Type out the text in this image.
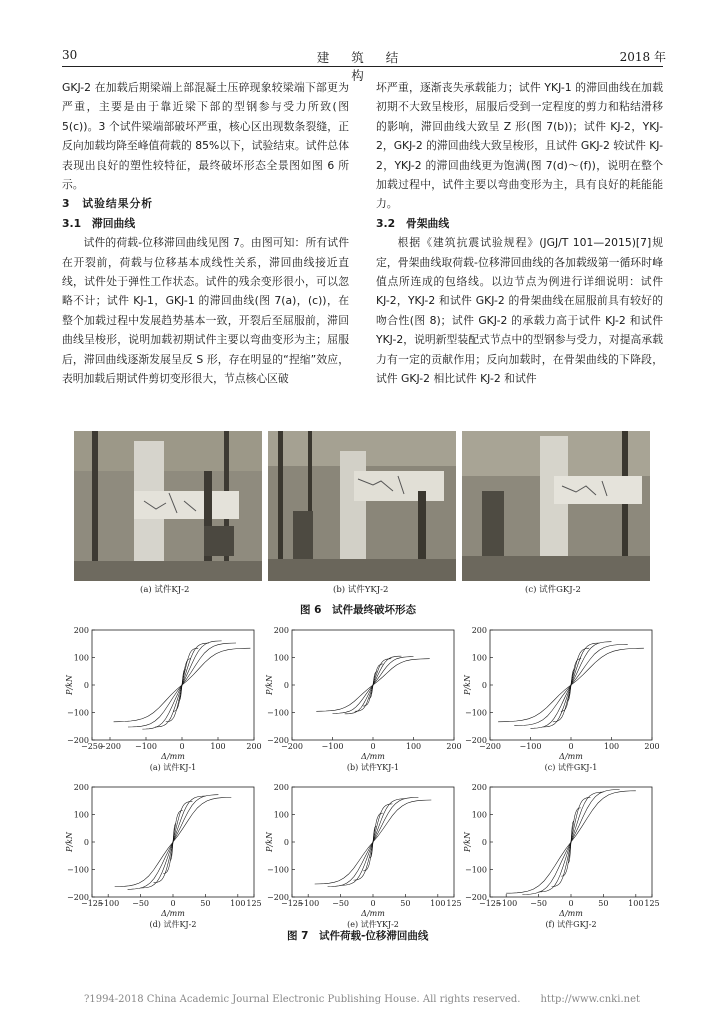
30	建 筑 结 构
2018 年

GKJ-2 在加载后期梁端上部混凝土压碎现象较梁端下部更为严重，主要是由于靠近梁下部的型钢参与受力所致(图 5(c))。3 个试件梁端部破坏严重，核心区出现数条裂缝，正反向加载均降至峰值荷载的 85%以下，试验结束。试件总体表现出良好的塑性较特征，最终破坏形态全景图如图 6 所示。

3　试验结果分析

3.1　滞回曲线

试件的荷载-位移滞回曲线见图 7。由图可知：所有试件在开裂前，荷载与位移基本成线性关系，滞回曲线接近直线，试件处于弹性工作状态。试件的残余变形很小，可以忽略不计；试件 KJ-1，GKJ-1 的滞回曲线(图 7(a)，(c))，在整个加载过程中发展趋势基本一致，开裂后至屈服前，滞回曲线呈梭形，说明加载初期试件主要以弯曲变形为主；屈服后，滞回曲线逐渐发展呈反 S 形，存在明显的“捏缩”效应，表明加载后期试件剪切变形很大，节点核心区破

坏严重，逐渐丧失承载能力；试件 YKJ-1 的滞回曲线在加载初期不大致呈梭形，屈服后受到一定程度的剪力和粘结滑移的影响，滞回曲线大致呈 Z 形(图 7(b))；试件 KJ-2，YKJ-2，GKJ-2 的滞回曲线大致呈梭形，且试件 GKJ-2 较试件 KJ-2，YKJ-2 的滞回曲线更为饱满(图 7(d)～(f))，说明在整个加载过程中，试件主要以弯曲变形为主，具有良好的耗能能力。

3.2　骨架曲线

根据《建筑抗震试验规程》(JGJ/T 101—2015)[7]规定，骨架曲线取荷载-位移滞回曲线的各加载级第一循环时峰值点所连成的包络线。以边节点为例进行详细说明：试件 KJ-2，YKJ-2 和试件 GKJ-2 的骨架曲线在屈服前具有较好的吻合性(图 8)；试件 GKJ-2 的承载力高于试件 KJ-2 和试件 YKJ-2，说明新型装配式节点中的型钢参与受力，对提高承载力有一定的贡献作用；反向加载时，在骨架曲线的下降段，试件 GKJ-2 相比试件 KJ-2 和试件

(a) 试件KJ-2	(b) 试件YKJ-2	(c) 试件GKJ-2
图 6　试件最终破坏形态
200
100
0
−100
−200
−250
−200 −100	0	100	200
Δ/mm
P/kN
(a) 试件KJ-1
200
100
0
−100
−200
−200 −100	0	100	200
Δ/mm
P/kN
(b) 试件YKJ-1
200
100
0
−100
−200
−200 −100	0	100	200
Δ/mm
P/kN
(c) 试件GKJ-1
200
100
0
−100
−200
−125
−100 −50	0	50 100 125
Δ/mm
P/kN
(d) 试件KJ-2
200
100
0
−100
−200
−125
−100 −50	0	50 100 125
Δ/mm
P/kN
(e) 试件YKJ-2
200
100
0
−100
−200
−125
−100 −50	0	50 100 125
Δ/mm
P/kN
(f) 试件GKJ-2
图 7　试件荷载-位移滞回曲线
?1994-2018 China Academic Journal Electronic Publishing House. All rights reserved.　　http://www.cnki.net
